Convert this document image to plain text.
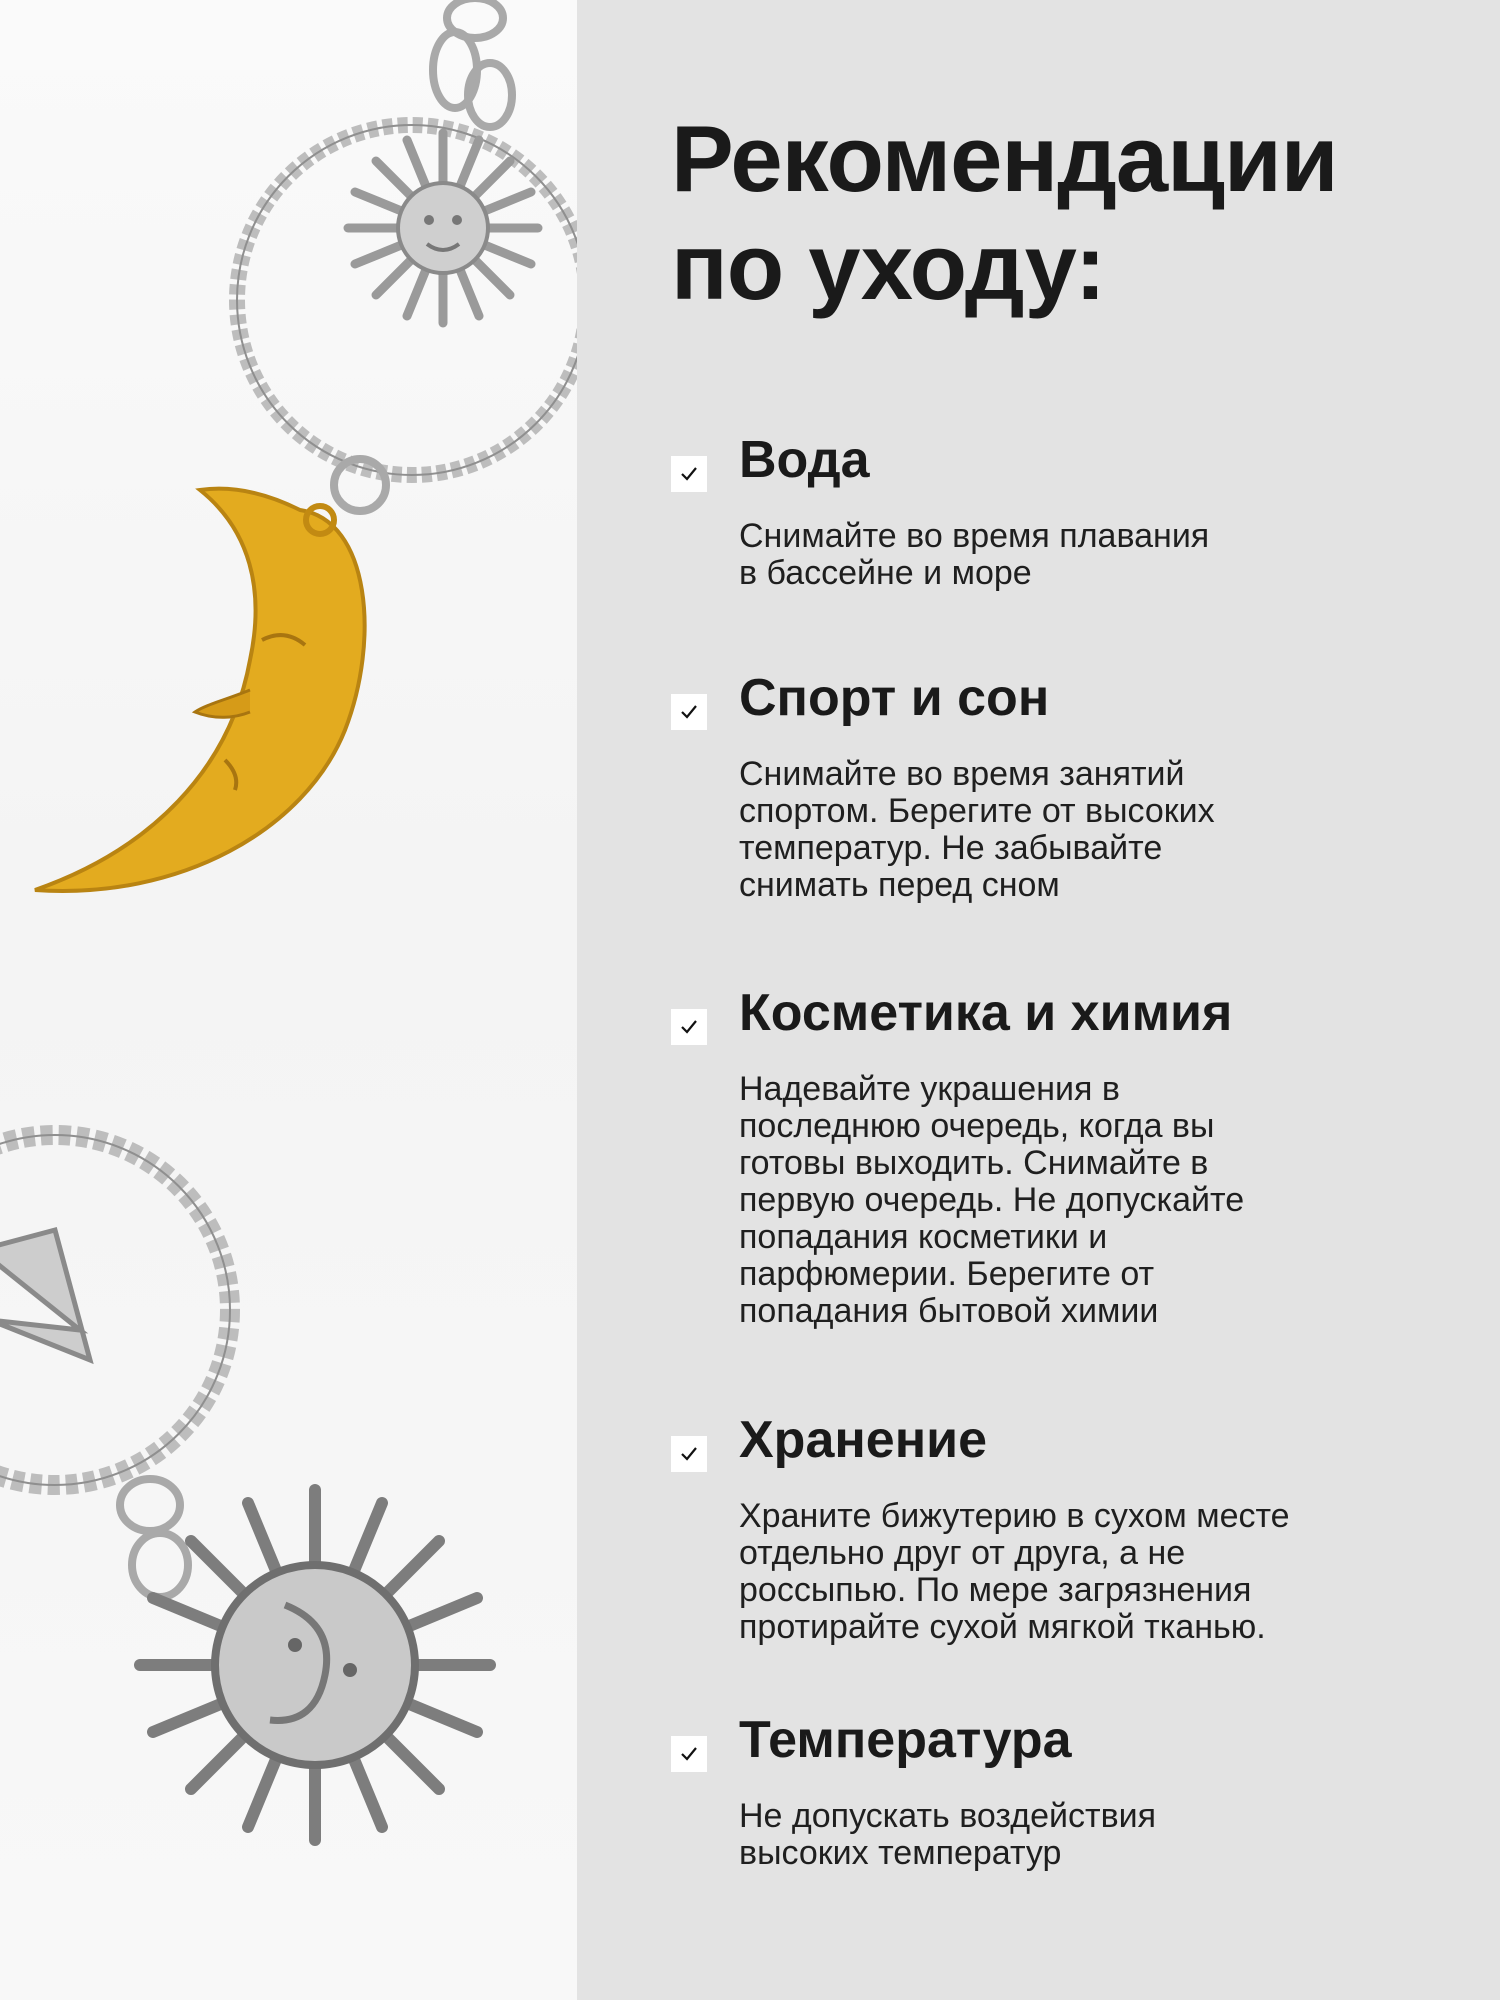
Рекомендации
по уходу:
Вода

Снимайте во время плавания
в бассейне и море

Спорт и сон

Снимайте во время занятий
спортом. Берегите от высоких
температур. Не забывайте
снимать перед сном

Косметика и химия

Надевайте украшения в
последнюю очередь, когда вы
готовы выходить. Снимайте в
первую очередь. Не допускайте
попадания косметики и
парфюмерии. Берегите от
попадания бытовой химии

Хранение

Храните бижутерию в сухом месте
отдельно друг от друга, а не
россыпью. По мере загрязнения
протирайте сухой мягкой тканью.

Температура

Не допускать воздействия
высоких температур
